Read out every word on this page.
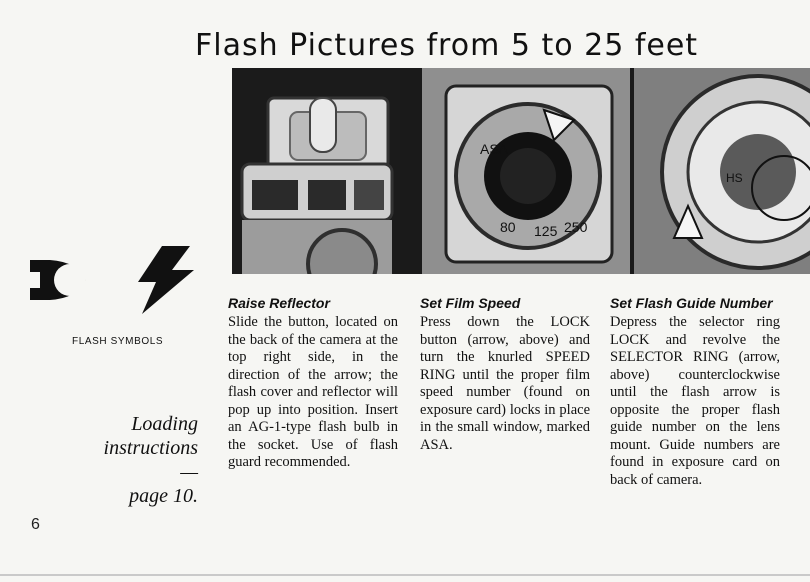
Flash Pictures from 5 to 25 feet
ASA
80 125 250
HS
FLASH SYMBOLS
Loading
instructions—
page 10.
Raise Reflector

Slide the button, located on the back of the camera at the top right side, in the direction of the arrow; the flash cover and reflector will pop up into position. Insert an AG-1-type flash bulb in the socket. Use of flash guard recommended.

Set Film Speed

Press down the LOCK button (arrow, above) and turn the knurled SPEED RING until the proper film speed number (found on exposure card) locks in place in the small window, marked ASA.

Set Flash Guide Number

Depress the selector ring LOCK and revolve the SELECTOR RING (arrow, above) counterclockwise until the flash arrow is opposite the proper flash guide number on the lens mount. Guide numbers are found in exposure card on back of camera.

6
